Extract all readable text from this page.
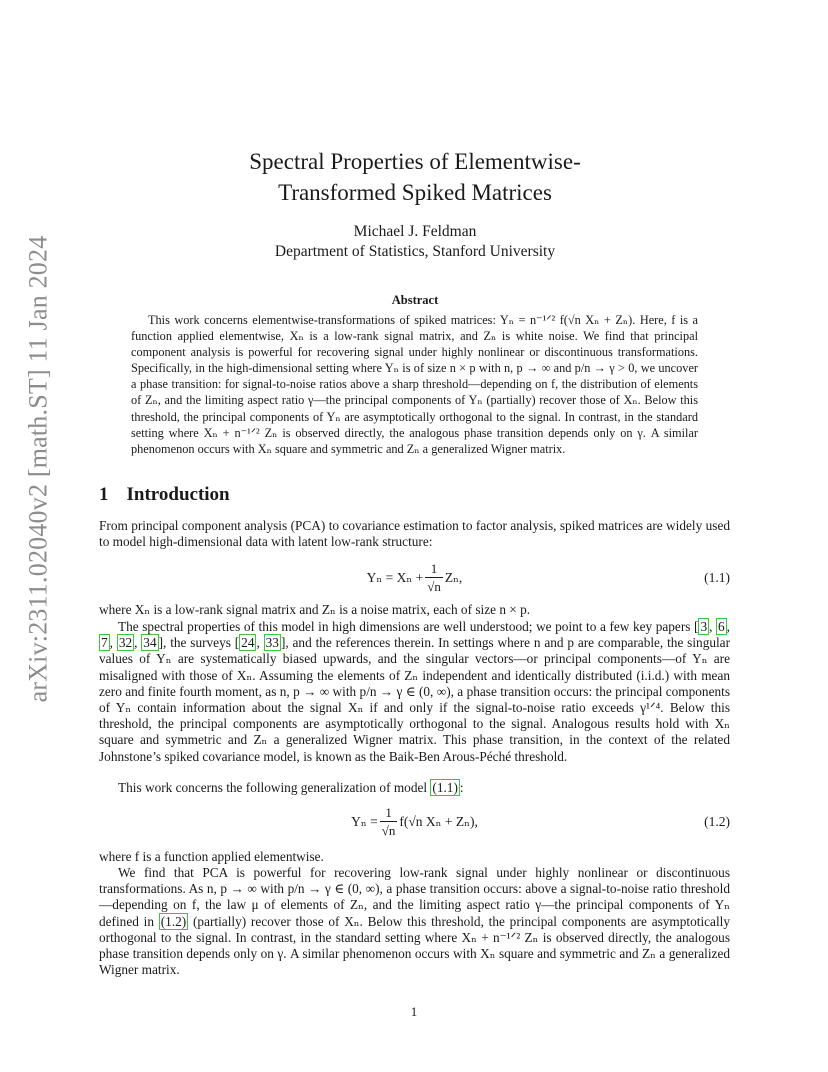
arXiv:2311.02040v2 [math.ST] 11 Jan 2024
Spectral Properties of Elementwise-
Transformed Spiked Matrices
Michael J. Feldman
Department of Statistics, Stanford University
Abstract

This work concerns elementwise-transformations of spiked matrices: Yₙ = n⁻¹ᐟ² f(√n Xₙ + Zₙ). Here, f is a function applied elementwise, Xₙ is a low-rank signal matrix, and Zₙ is white noise. We find that principal component analysis is powerful for recovering signal under highly nonlinear or discontinuous transformations. Specifically, in the high-dimensional setting where Yₙ is of size n × p with n, p → ∞ and p/n → γ > 0, we uncover a phase transition: for signal-to-noise ratios above a sharp threshold—depending on f, the distribution of elements of Zₙ, and the limiting aspect ratio γ—the principal components of Yₙ (partially) recover those of Xₙ. Below this threshold, the principal components of Yₙ are asymptotically orthogonal to the signal. In contrast, in the standard setting where Xₙ + n⁻¹ᐟ² Zₙ is observed directly, the analogous phase transition depends only on γ. A similar phenomenon occurs with Xₙ square and symmetric and Zₙ a generalized Wigner matrix.

1 Introduction

From principal component analysis (PCA) to covariance estimation to factor analysis, spiked matrices are widely used to model high-dimensional data with latent low-rank structure:

$Y_n = X_n + \frac{1}{√n} Z_n$,	(1.1)

where Xₙ is a low-rank signal matrix and Zₙ is a noise matrix, each of size n × p.

The spectral properties of this model in high dimensions are well understood; we point to a few key papers [ 3 , 6 , 7 , 32 , 34 ], the surveys [ 24 , 33 ], and the references therein. In settings where n and p are comparable, the singular values of Yₙ are systematically biased upwards, and the singular vectors—or principal components—of Yₙ are misaligned with those of Xₙ. Assuming the elements of Zₙ independent and identically distributed (i.i.d.) with mean zero and finite fourth moment, as n, p → ∞ with p/n → γ ∈ (0, ∞), a phase transition occurs: the principal components of Yₙ contain information about the signal Xₙ if and only if the signal-to-noise ratio exceeds γ¹ᐟ⁴. Below this threshold, the principal components are asymptotically orthogonal to the signal. Analogous results hold with Xₙ square and symmetric and Zₙ a generalized Wigner matrix. This phase transition, in the context of the related Johnstone’s spiked covariance model, is known as the Baik-Ben Arous-Péché threshold.

This work concerns the following generalization of model (1.1) :

$Y_n = \frac{1}{√n} f(√n$ Xₙ + Zₙ),	(1.2)

where f is a function applied elementwise.

We find that PCA is powerful for recovering low-rank signal under highly nonlinear or discontinuous transformations. As n, p → ∞ with p/n → γ ∈ (0, ∞), a phase transition occurs: above a signal-to-noise ratio threshold—depending on f, the law μ of elements of Zₙ, and the limiting aspect ratio γ—the principal components of Yₙ defined in (1.2) (partially) recover those of Xₙ. Below this threshold, the principal components are asymptotically orthogonal to the signal. In contrast, in the standard setting where Xₙ + n⁻¹ᐟ² Zₙ is observed directly, the analogous phase transition depends only on γ. A similar phenomenon occurs with Xₙ square and symmetric and Zₙ a generalized Wigner matrix.

1
